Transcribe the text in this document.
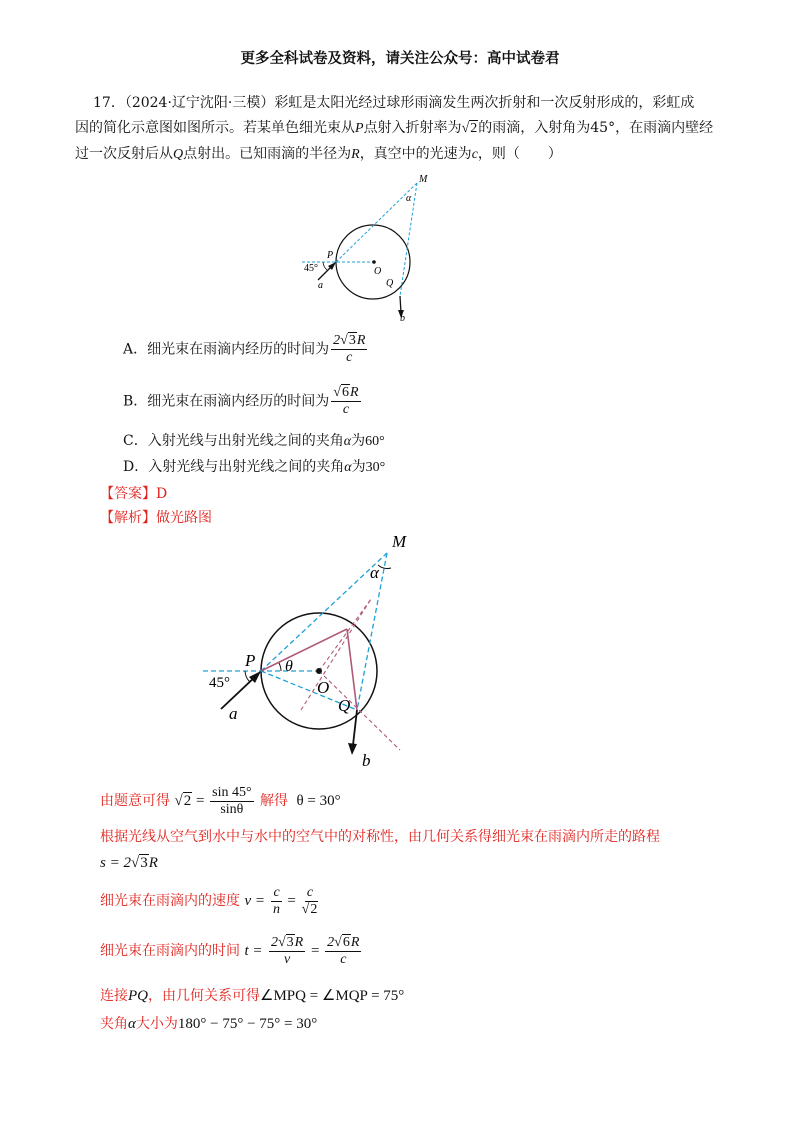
更多全科试卷及资料，请关注公众号：高中试卷君
17．（2024·辽宁沈阳·三模）彩虹是太阳光经过球形雨滴发生两次折射和一次反射形成的，彩虹成
因的简化示意图如图所示。若某单色细光束从P点射入折射率为√2的雨滴，入射角为45°，在雨滴内壁经
过一次反射后从Q点射出。已知雨滴的半径为R，真空中的光速为c，则（　　）
M
α
P
O
Q
45°
a
b
A．细光束在雨滴内经历的时间为 $\frac{2√3R}{c}$
B．细光束在雨滴内经历的时间为 $\frac{√6R}{c}$
C．入射光线与出射光线之间的夹角α为60°
D．入射光线与出射光线之间的夹角α为30°
【答案】D
【解析】做光路图
M
α
P θ
O
Q
45°
a
b
由题意可得 $√2 = \frac{\sin 45^\circ}{\sin\theta}$ 解得 θ = 30°
根据光线从空气到水中与水中的空气中的对称性，由几何关系得细光束在雨滴内所走的路程
s = 2√3R
细光束在雨滴内的速度 $v = \frac{c}{n} = \frac{c}{√2}$
细光束在雨滴内的时间 $t = \frac{2√3R}{v} = \frac{2√6R}{c}$
连接PQ，由几何关系可得∠MPQ = ∠MQP = 75°
夹角α大小为180° − 75° − 75° = 30°
